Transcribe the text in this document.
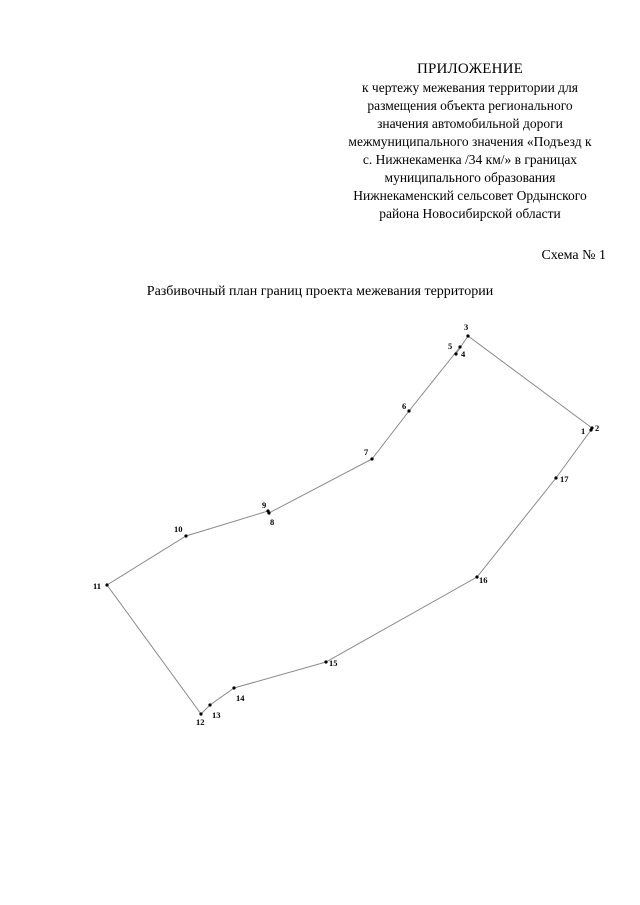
ПРИЛОЖЕНИЕ
к чертежу межевания территории для
размещения объекта регионального
значения автомобильной дороги
межмуниципального значения «Подъезд к
с. Нижнекаменка /34 км/» в границах
муниципального образования
Нижнекаменский сельсовет Ордынского
района Новосибирской области
Схема № 1
Разбивочный план границ проекта межевания территории
1 2
3
4
5
6
7
8
9
10
11
12
13
14
15
16
17
